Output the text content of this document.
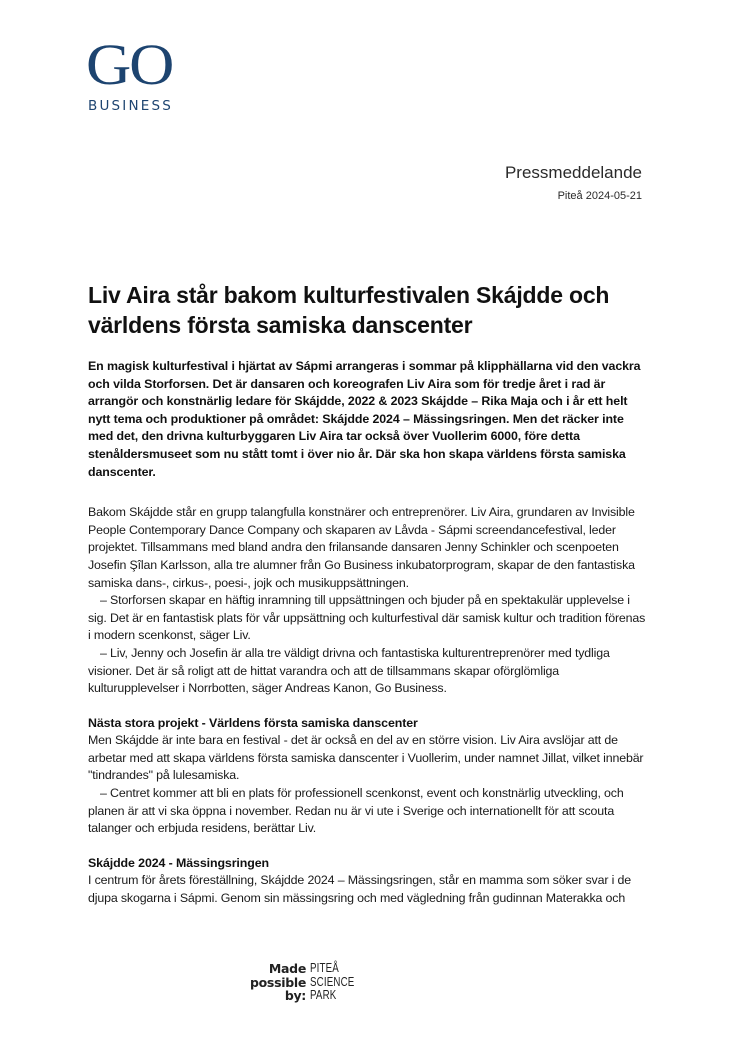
GO
BUSINESS
Pressmeddelande
Piteå 2024-05-21
Liv Aira står bakom kulturfestivalen Skájdde och
världens första samiska danscenter

En magisk kulturfestival i hjärtat av Sápmi arrangeras i sommar på klipphällarna vid den vackra och vilda Storforsen. Det är dansaren och koreografen Liv Aira som för tredje året i rad är arrangör och konstnärlig ledare för Skájdde, 2022 & 2023 Skájdde – Rika Maja och i år ett helt nytt tema och produktioner på området: Skájdde 2024 – Mässingsringen. Men det räcker inte med det, den drivna kulturbyggaren Liv Aira tar också över Vuollerim 6000, före detta stenåldersmuseet som nu stått tomt i över nio år. Där ska hon skapa världens första samiska danscenter.

Bakom Skájdde står en grupp talangfulla konstnärer och entreprenörer. Liv Aira, grundaren av Invisible People Contemporary Dance Company och skaparen av Låvda - Sápmi screendancefestival, leder projektet. Tillsammans med bland andra den frilansande dansaren Jenny Schinkler och scenpoeten Josefin Şîlan Karlsson, alla tre alumner från Go Business inkubatorprogram, skapar de den fantastiska samiska dans-, cirkus-, poesi-, jojk och musikuppsättningen.

– Storforsen skapar en häftig inramning till uppsättningen och bjuder på en spektakulär upplevelse i sig. Det är en fantastisk plats för vår uppsättning och kulturfestival där samisk kultur och tradition förenas i modern scenkonst, säger Liv.

– Liv, Jenny och Josefin är alla tre väldigt drivna och fantastiska kulturentreprenörer med tydliga visioner. Det är så roligt att de hittat varandra och att de tillsammans skapar oförglömliga kulturupplevelser i Norrbotten, säger Andreas Kanon, Go Business.

Nästa stora projekt - Världens första samiska danscenter

Men Skájdde är inte bara en festival - det är också en del av en större vision. Liv Aira avslöjar att de arbetar med att skapa världens första samiska danscenter i Vuollerim, under namnet Jillat, vilket innebär "tindrandes" på lulesamiska.

– Centret kommer att bli en plats för professionell scenkonst, event och konstnärlig utveckling, och planen är att vi ska öppna i november. Redan nu är vi ute i Sverige och internationellt för att scouta talanger och erbjuda residens, berättar Liv.

Skájdde 2024 - Mässingsringen

I centrum för årets föreställning, Skájdde 2024 – Mässingsringen, står en mamma som söker svar i de djupa skogarna i Sápmi. Genom sin mässingsring och med vägledning från gudinnan Materakka och

Made
possible
by:
PITEÅ
SCIENCE
PARK
